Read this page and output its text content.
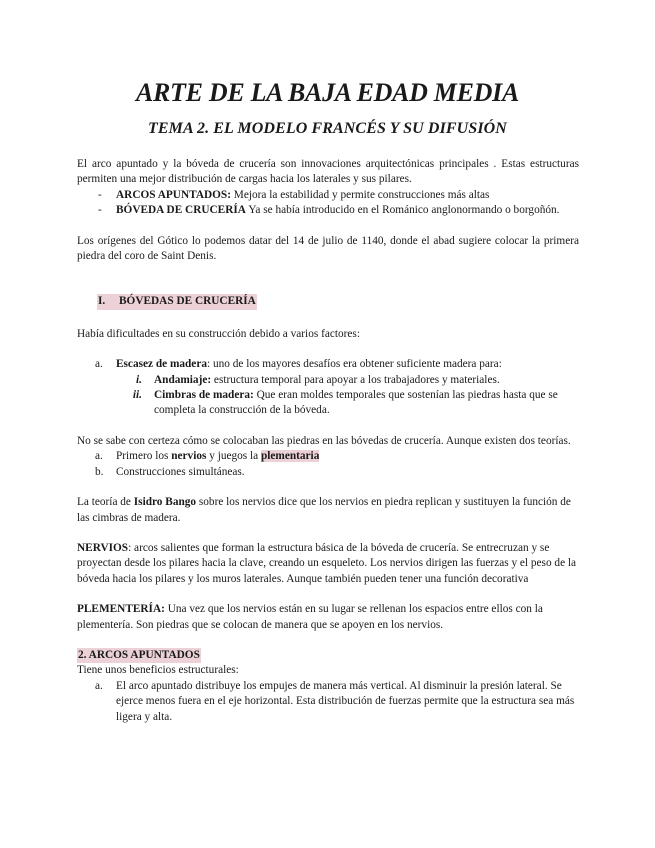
ARTE DE LA BAJA EDAD MEDIA
TEMA 2. EL MODELO FRANCÉS Y SU DIFUSIÓN

El arco apuntado y la bóveda de crucería son innovaciones arquitectónicas principales . Estas estructuras permiten una mejor distribución de cargas hacia los laterales y sus pilares.

- ARCOS APUNTADOS: Mejora la estabilidad y permite construcciones más altas
- BÓVEDA DE CRUCERÍA Ya se había introducido en el Románico anglonormando o borgoñón.

Los orígenes del Gótico lo podemos datar del 14 de julio de 1140, donde el abad sugiere colocar la primera piedra del coro de Saint Denis.

I. BÓVEDAS DE CRUCERÍA

Había dificultades en su construcción debido a varios factores:

a. Escasez de madera: uno de los mayores desafíos era obtener suficiente madera para:
i. Andamiaje: estructura temporal para apoyar a los trabajadores y materiales.
ii. Cimbras de madera: Que eran moldes temporales que sostenían las piedras hasta que se completa la construcción de la bóveda.

No se sabe con certeza cómo se colocaban las piedras en las bóvedas de crucería. Aunque existen dos teorías.

a. Primero los nervios y juegos la plementaria
b. Construcciones simultáneas.

La teoría de Isidro Bango sobre los nervios dice que los nervios en piedra replican y sustituyen la función de las cimbras de madera.

NERVIOS: arcos salientes que forman la estructura básica de la bóveda de crucería. Se entrecruzan y se proyectan desde los pilares hacia la clave, creando un esqueleto. Los nervios dirigen las fuerzas y el peso de la bóveda hacia los pilares y los muros laterales. Aunque también pueden tener una función decorativa

PLEMENTERÍA: Una vez que los nervios están en su lugar se rellenan los espacios entre ellos con la plementería. Son piedras que se colocan de manera que se apoyen en los nervios.

2. ARCOS APUNTADOS

Tiene unos beneficios estructurales:

a. El arco apuntado distribuye los empujes de manera más vertical. Al disminuir la presión lateral. Se ejerce menos fuera en el eje horizontal. Esta distribución de fuerzas permite que la estructura sea más ligera y alta.
